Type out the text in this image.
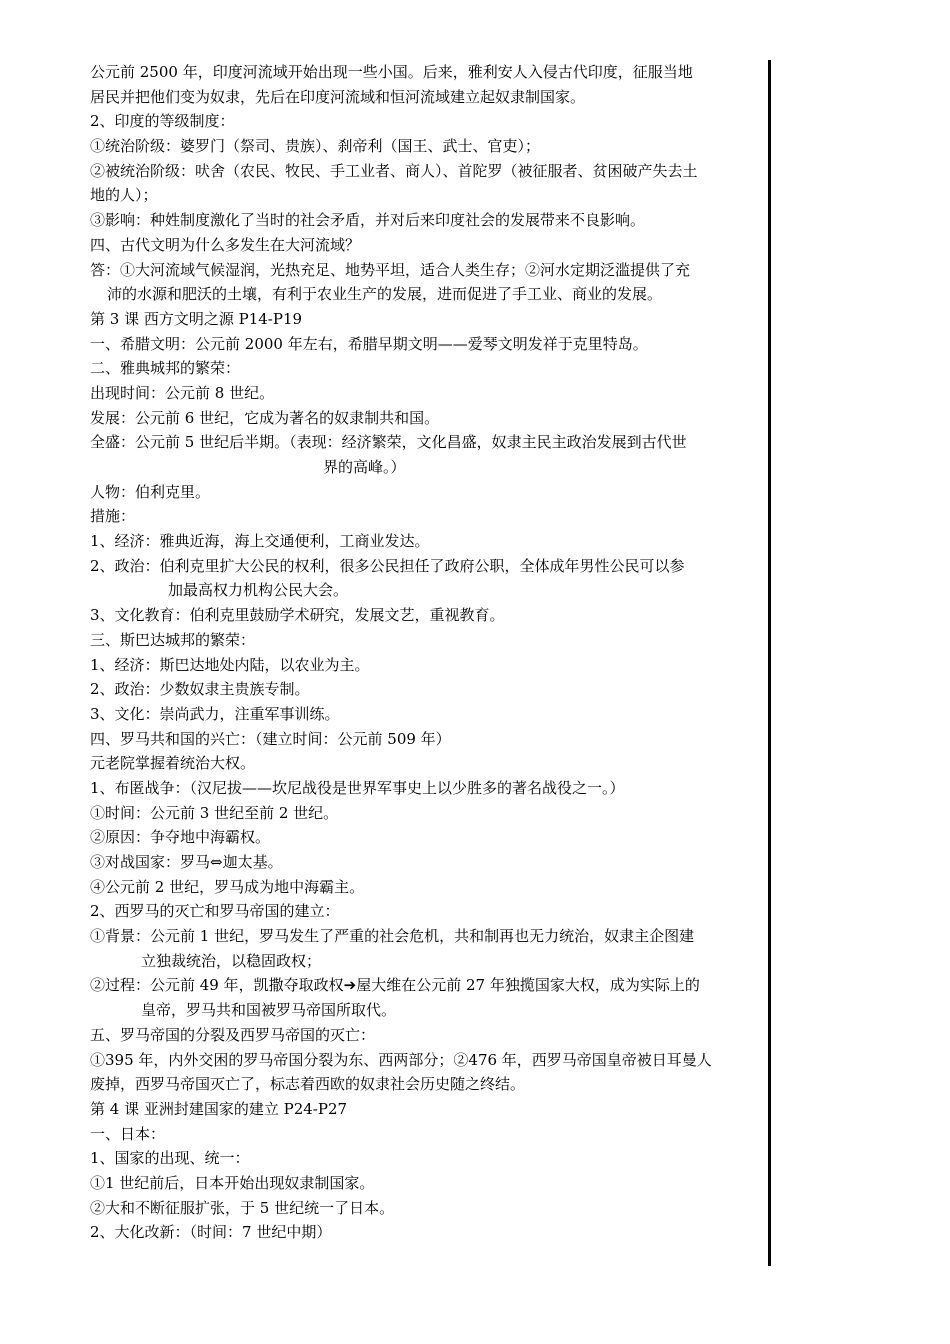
公元前 2500 年，印度河流域开始出现一些小国。后来，雅利安人入侵古代印度，征服当地
居民并把他们变为奴隶，先后在印度河流域和恒河流域建立起奴隶制国家。
2、印度的等级制度：
①统治阶级：婆罗门（祭司、贵族）、刹帝利（国王、武士、官吏）；
②被统治阶级：吠舍（农民、牧民、手工业者、商人）、首陀罗（被征服者、贫困破产失去土
地的人）；
③影响：种姓制度激化了当时的社会矛盾，并对后来印度社会的发展带来不良影响。
四、古代文明为什么多发生在大河流域？
答：①大河流域气候湿润，光热充足、地势平坦，适合人类生存；②河水定期泛滥提供了充
沛的水源和肥沃的土壤，有利于农业生产的发展，进而促进了手工业、商业的发展。
第 3 课 西方文明之源 P14-P19
一、希腊文明：公元前 2000 年左右，希腊早期文明——爱琴文明发祥于克里特岛。
二、雅典城邦的繁荣：
出现时间：公元前 8 世纪。
发展：公元前 6 世纪，它成为著名的奴隶制共和国。
全盛：公元前 5 世纪后半期。（表现：经济繁荣，文化昌盛，奴隶主民主政治发展到古代世
界的高峰。）
人物：伯利克里。
措施：
1、经济：雅典近海，海上交通便利，工商业发达。
2、政治：伯利克里扩大公民的权利，很多公民担任了政府公职，全体成年男性公民可以参
加最高权力机构公民大会。
3、文化教育：伯利克里鼓励学术研究，发展文艺，重视教育。
三、斯巴达城邦的繁荣：
1、经济：斯巴达地处内陆，以农业为主。
2、政治：少数奴隶主贵族专制。
3、文化：崇尚武力，注重军事训练。
四、罗马共和国的兴亡：（建立时间：公元前 509 年）
元老院掌握着统治大权。
1、布匿战争：（汉尼拔——坎尼战役是世界军事史上以少胜多的著名战役之一。）
①时间：公元前 3 世纪至前 2 世纪。
②原因：争夺地中海霸权。
③对战国家：罗马⇔迦太基。
④公元前 2 世纪，罗马成为地中海霸主。
2、西罗马的灭亡和罗马帝国的建立：
①背景：公元前 1 世纪，罗马发生了严重的社会危机，共和制再也无力统治，奴隶主企图建
立独裁统治，以稳固政权；
②过程：公元前 49 年，凯撒夺取政权➔屋大维在公元前 27 年独揽国家大权，成为实际上的
皇帝，罗马共和国被罗马帝国所取代。
五、罗马帝国的分裂及西罗马帝国的灭亡：
①395 年，内外交困的罗马帝国分裂为东、西两部分；②476 年，西罗马帝国皇帝被日耳曼人
废掉，西罗马帝国灭亡了，标志着西欧的奴隶社会历史随之终结。
第 4 课 亚洲封建国家的建立 P24-P27
一、日本：
1、国家的出现、统一：
①1 世纪前后，日本开始出现奴隶制国家。
②大和不断征服扩张，于 5 世纪统一了日本。
2、大化改新：（时间：7 世纪中期）
